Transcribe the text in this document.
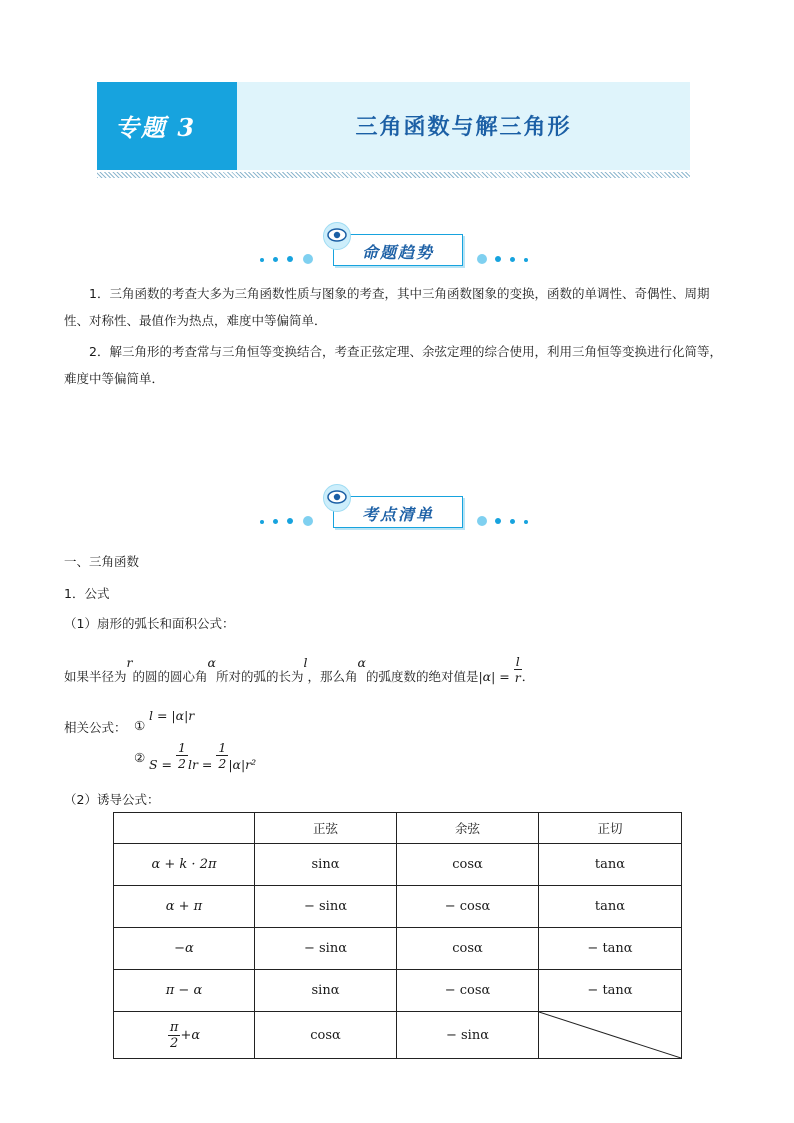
专题 3	三角函数与解三角形
命题趋势

1．三角函数的考查大多为三角函数性质与图象的考查，其中三角函数图象的变换，函数的单调性、奇偶性、周期性、对称性、最值作为热点，难度中等偏简单．

2．解三角形的考查常与三角恒等变换结合，考查正弦定理、余弦定理的综合使用，利用三角恒等变换进行化简等，难度中等偏简单．

考点清单
一、三角函数
1．公式
（1）扇形的弧长和面积公式：
如果半径为r的圆的圆心角α所对的弧的长为l，那么角α的弧度数的绝对值是$|\alpha| = \frac{l}{r}$ ．
相关公式： ①
l = |α|r
② $S = \frac{1}{2}$ lr = $\frac{1}{2} |\alpha|r^2$
（2）诱导公式：
	正弦	余弦	正切
α + k · 2π	sinα	cosα	tanα
α + π	− sinα	− cosα	tanα
−α	− sinα	cosα	− tanα
π − α	sinα	− cosα	− tanα

$\frac{\pi}{2} +\alpha$	cosα	− sinα	
